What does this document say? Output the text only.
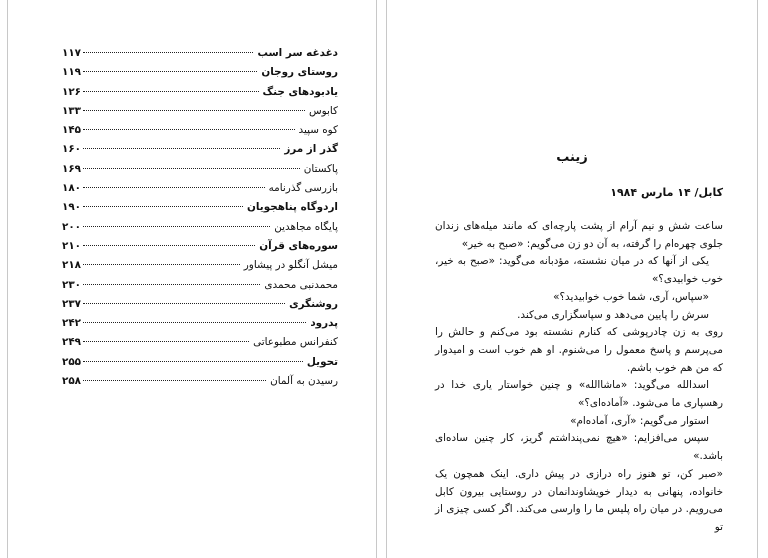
دغدغه سر اسب
۱۱۷
روستای روجان
۱۱۹
یادبودهای جنگ
۱۲۶
کابوس
۱۳۳
کوه سپید
۱۴۵
گذر از مرز
۱۶۰
پاکستان
۱۶۹
بازرسی گذرنامه
۱۸۰
اردوگاه پناهجویان
۱۹۰
پایگاه مجاهدین
۲۰۰
سوره‌های قرآن
۲۱۰
میشل آنگلو در پیشاور
۲۱۸
محمدنبی محمدی
۲۳۰
روشنگری
۲۳۷
پدرود
۲۴۲
کنفرانس مطبوعاتی
۲۴۹
تحویل
۲۵۵
رسیدن به آلمان
۲۵۸
زینب
کابل/ ۱۴ مارس ۱۹۸۴

ساعت شش و نیم آرام از پشت پارچه‌ای که مانند میله‌های زندان جلوی چهره‌ام را گرفته، به آن دو زن می‌گویم: «صبح به خیر»

یکی از آنها که در میان نشسته، مؤدبانه می‌گوید: «صبح به خیر، خوب خوابیدی؟»

«سپاس، آری، شما خوب خوابیدید؟»

سرش را پایین می‌دهد و سپاسگزاری می‌کند.

روی به زن چادرپوشی که کنارم نشسته بود می‌کنم و حالش را می‌پرسم و پاسخ معمول را می‌شنوم. او هم خوب است و امیدوار که من هم خوب باشم.

اسدالله می‌گوید: «ماشاالله» و چنین خواستار یاری خدا در رهسپاری ما می‌شود. «آماده‌ای؟»

استوار می‌گویم: «آری، آماده‌ام»

سپس می‌افزایم: «هیچ نمی‌پنداشتم گریز، کار چنین ساده‌ای باشد.»

«صبر کن، تو هنوز راه درازی در پیش داری. اینک همچون یک خانواده، پنهانی به دیدار خویشاوندانمان در روستایی بیرون کابل می‌رویم. در میان راه پلیس ما را وارسی می‌کند. اگر کسی چیزی از تو
